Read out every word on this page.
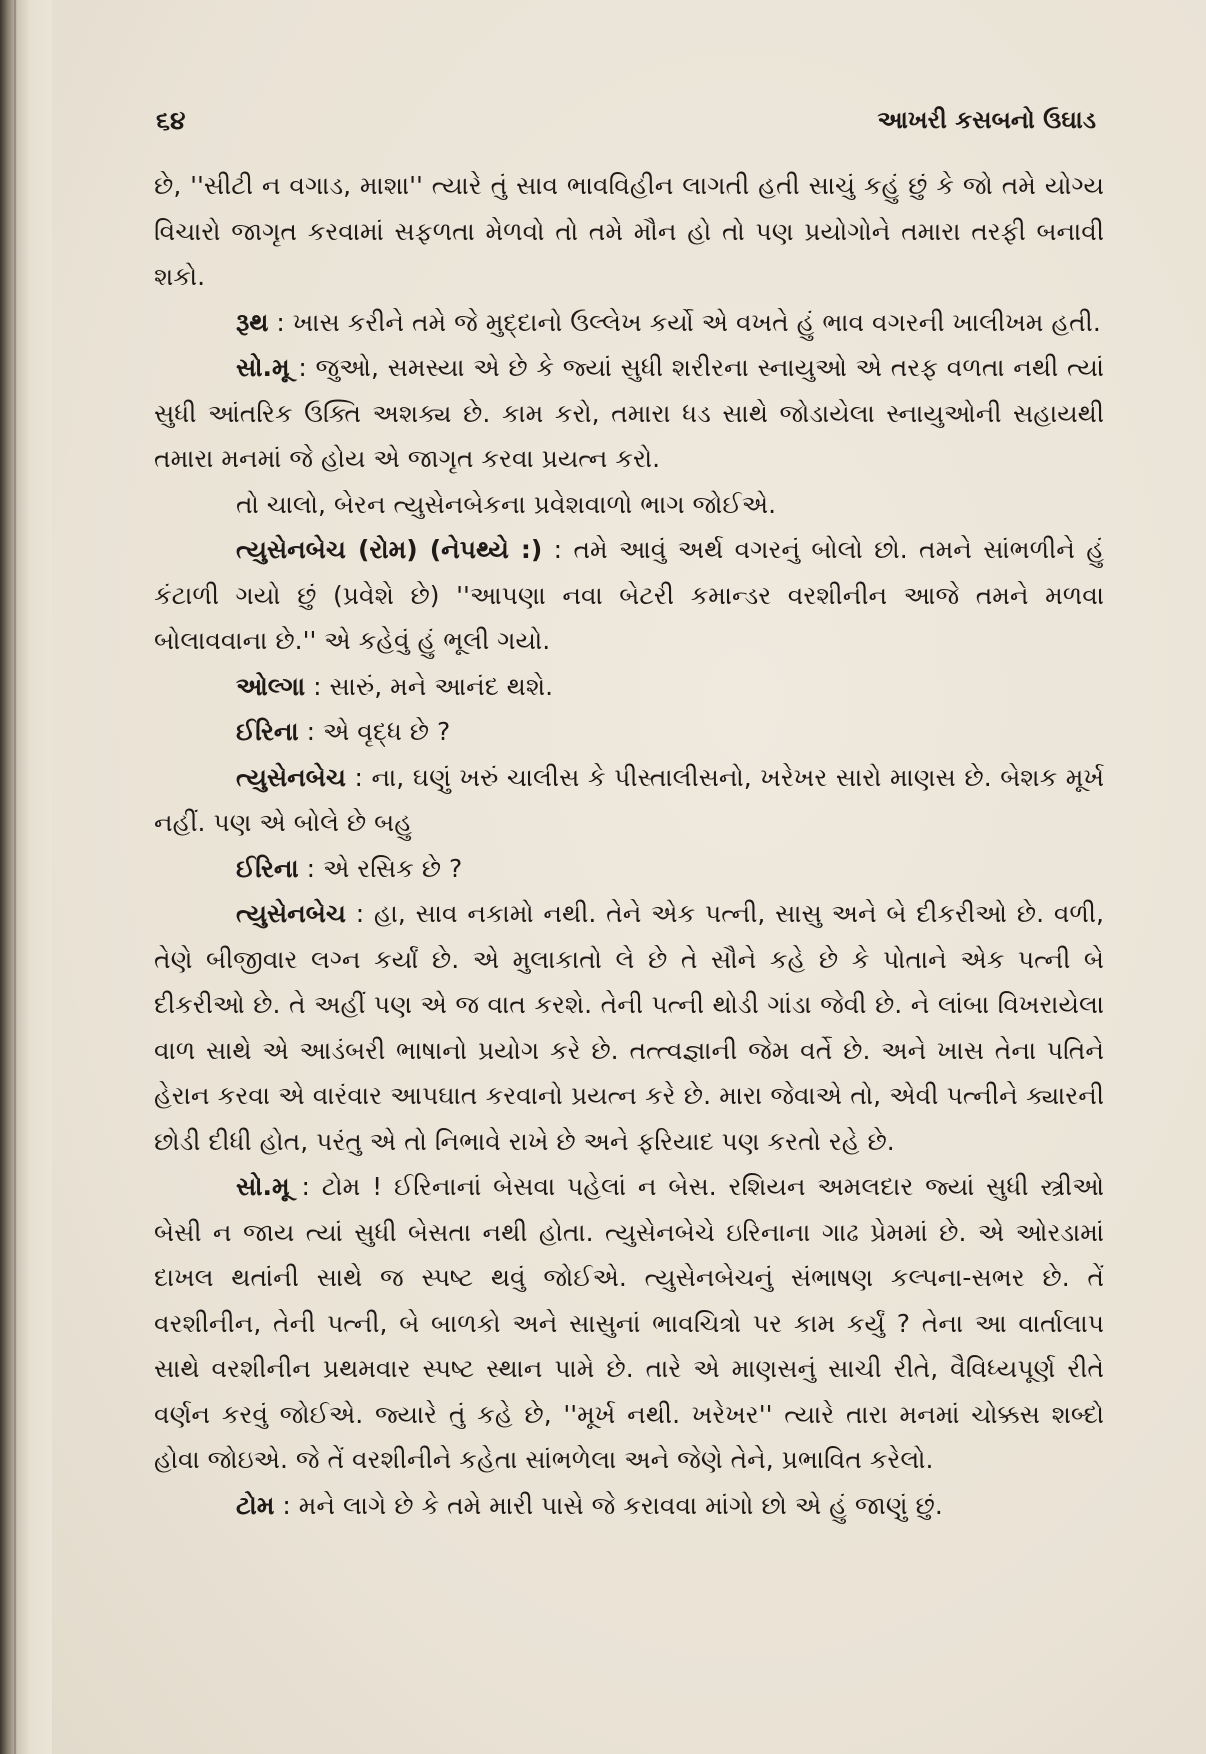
૬૪	આખરી કસબનો ઉઘાડ

છે, ''સીટી ન વગાડ, માશા'' ત્યારે તું સાવ ભાવવિહીન લાગતી હતી સાચું કહું છું કે જો તમે યોગ્ય વિચારો જાગૃત કરવામાં સફળતા મેળવો તો તમે મૌન હો તો પણ પ્રયોગોને તમારા તરફી બનાવી શકો.

રૂથ : ખાસ કરીને તમે જે મુદ્દાનો ઉલ્લેખ કર્યો એ વખતે હું ભાવ વગરની ખાલીખમ હતી.

સો.મૂ : જુઓ, સમસ્યા એ છે કે જ્યાં સુધી શરીરના સ્નાયુઓ એ તરફ વળતા નથી ત્યાં સુધી આંતરિક ઉક્તિ અશક્ય છે. કામ કરો, તમારા ધડ સાથે જોડાયેલા સ્નાયુઓની સહાયથી તમારા મનમાં જે હોય એ જાગૃત કરવા પ્રયત્ન કરો.

તો ચાલો, બેરન ત્યુસેનબેકના પ્રવેશવાળો ભાગ જોઈએ.

ત્યુસેનબેચ (રોમ) (નેપથ્યે :) : તમે આવું અર્થ વગરનું બોલો છો. તમને સાંભળીને હું કંટાળી ગયો છું (પ્રવેશે છે) ''આપણા નવા બેટરી કમાન્ડર વરશીનીન આજે તમને મળવા બોલાવવાના છે.'' એ કહેવું હું ભૂલી ગયો.

ઓલ્ગા : સારું, મને આનંદ થશે.

ઈરિના : એ વૃદ્ધ છે ?

ત્યુસેનબેચ : ના, ઘણું ખરું ચાલીસ કે પીસ્તાલીસનો, ખરેખર સારો માણસ છે. બેશક મૂર્ખ નહીં. પણ એ બોલે છે બહુ

ઈરિના : એ રસિક છે ?

ત્યુસેનબેચ : હા, સાવ નકામો નથી. તેને એક પત્ની, સાસુ અને બે દીકરીઓ છે. વળી, તેણે બીજીવાર લગ્ન કર્યાં છે. એ મુલાકાતો લે છે તે સૌને કહે છે કે પોતાને એક પત્ની બે દીકરીઓ છે. તે અહીં પણ એ જ વાત કરશે. તેની પત્ની થોડી ગાંડા જેવી છે. ને લાંબા વિખરાયેલા વાળ સાથે એ આડંબરી ભાષાનો પ્રયોગ કરે છે. તત્ત્વજ્ઞાની જેમ વર્તે છે. અને ખાસ તેના પતિને હેરાન કરવા એ વારંવાર આપઘાત કરવાનો પ્રયત્ન કરે છે. મારા જેવાએ તો, એવી પત્નીને ક્યારની છોડી દીધી હોત, પરંતુ એ તો નિભાવે રાખે છે અને ફરિયાદ પણ કરતો રહે છે.

સો.મૂ : ટોમ ! ઈરિનાનાં બેસવા પહેલાં ન બેસ. રશિયન અમલદાર જ્યાં સુધી સ્ત્રીઓ બેસી ન જાય ત્યાં સુધી બેસતા નથી હોતા. ત્યુસેનબેચે ઇરિનાના ગાઢ પ્રેમમાં છે. એ ઓરડામાં દાખલ થતાંની સાથે જ સ્પષ્ટ થવું જોઈએ. ત્યુસેનબેચનું સંભાષણ કલ્પના-સભર છે. તેં વરશીનીન, તેની પત્ની, બે બાળકો અને સાસુનાં ભાવચિત્રો પર કામ કર્યું ? તેના આ વાર્તાલાપ સાથે વરશીનીન પ્રથમવાર સ્પષ્ટ સ્થાન પામે છે. તારે એ માણસનું સાચી રીતે, વૈવિધ્યપૂર્ણ રીતે વર્ણન કરવું જોઈએ. જ્યારે તું કહે છે, ''મૂર્ખ નથી. ખરેખર'' ત્યારે તારા મનમાં ચોક્કસ શબ્દો હોવા જોઇએ. જે તેં વરશીનીને કહેતા સાંભળેલા અને જેણે તેને, પ્રભાવિત કરેલો.

ટોમ : મને લાગે છે કે તમે મારી પાસે જે કરાવવા માંગો છો એ હું જાણું છું.
